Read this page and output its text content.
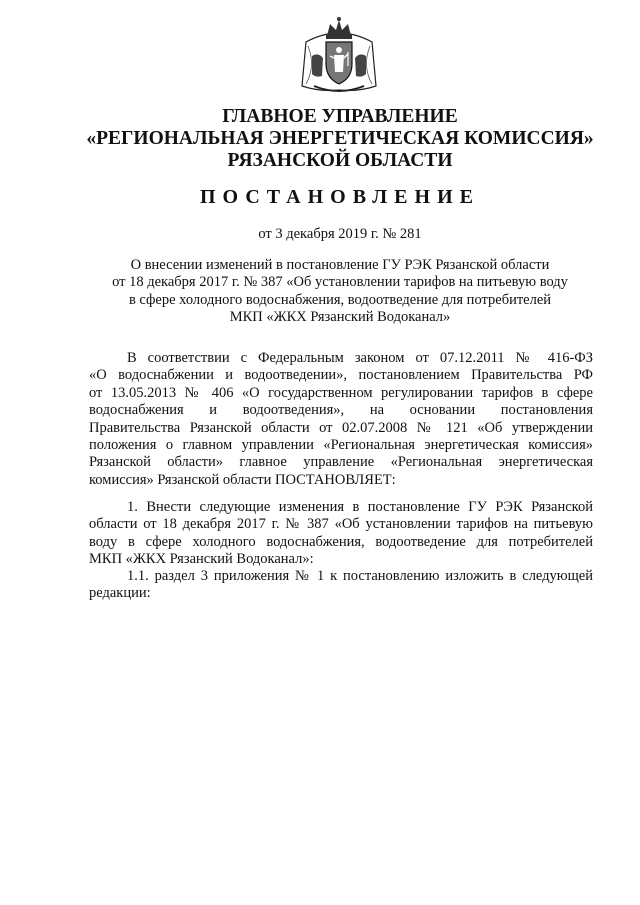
ГЛАВНОЕ УПРАВЛЕНИЕ
«РЕГИОНАЛЬНАЯ ЭНЕРГЕТИЧЕСКАЯ КОМИССИЯ»
РЯЗАНСКОЙ ОБЛАСТИ
ПОСТАНОВЛЕНИЕ
от 3 декабря 2019 г. № 281
О внесении изменений в постановление ГУ РЭК Рязанской области
от 18 декабря 2017 г. № 387 «Об установлении тарифов на питьевую воду
в сфере холодного водоснабжения, водоотведение для потребителей
МКП «ЖКХ Рязанский Водоканал»
В соответствии с Федеральным законом от 07.12.2011 № 416-ФЗ
«О водоснабжении и водоотведении», постановлением Правительства РФ
от 13.05.2013 № 406 «О государственном регулировании тарифов в сфере
водоснабжения и водоотведения», на основании постановления
Правительства Рязанской области от 02.07.2008 № 121 «Об утверждении
положения о главном управлении «Региональная энергетическая комиссия»
Рязанской области» главное управление «Региональная энергетическая
комиссия» Рязанской области ПОСТАНОВЛЯЕТ:
1. Внести следующие изменения в постановление ГУ РЭК Рязанской
области от 18 декабря 2017 г. № 387 «Об установлении тарифов на питьевую
воду в сфере холодного водоснабжения, водоотведение для потребителей
МКП «ЖКХ Рязанский Водоканал»:
1.1. раздел 3 приложения № 1 к постановлению изложить в следующей
редакции:
